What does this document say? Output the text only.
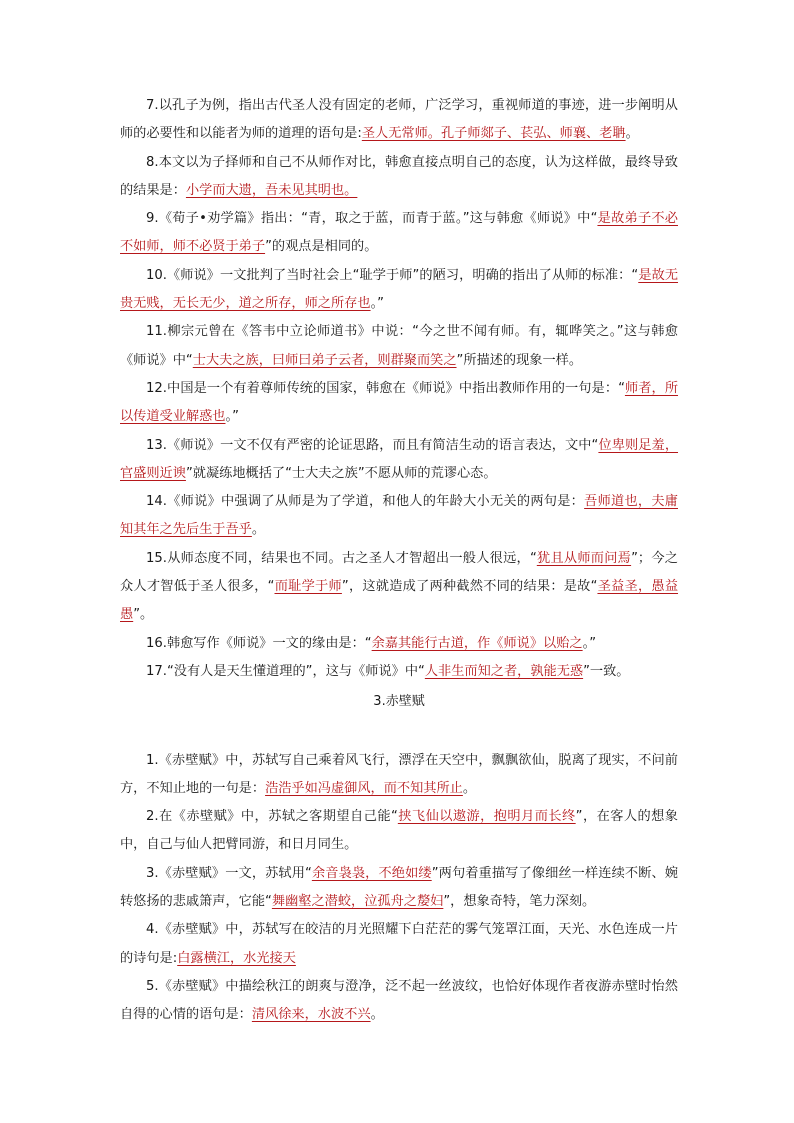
7.以孔子为例，指出古代圣人没有固定的老师，广泛学习，重视师道的事迹，进一步阐明从师的必要性和以能者为师的道理的语句是:圣人无常师。孔子师郯子、苌弘、师襄、老聃。

8.本文以为子择师和自己不从师作对比，韩愈直接点明自己的态度，认为这样做，最终导致的结果是：小学而大遗，吾未见其明也。

9.《荀子•劝学篇》指出：“青，取之于蓝，而青于蓝。”这与韩愈《师说》中“是故弟子不必不如师，师不必贤于弟子”的观点是相同的。

10.《师说》一文批判了当时社会上“耻学于师”的陋习，明确的指出了从师的标准：“是故无贵无贱，无长无少，道之所存，师之所存也。”

11.柳宗元曾在《答韦中立论师道书》中说：“今之世不闻有师。有，辄哗笑之。”这与韩愈《师说》中“士大夫之族，曰师曰弟子云者，则群聚而笑之”所描述的现象一样。

12.中国是一个有着尊师传统的国家，韩愈在《师说》中指出教师作用的一句是：“师者，所以传道受业解惑也。”

13.《师说》一文不仅有严密的论证思路，而且有简洁生动的语言表达，文中“位卑则足羞，官盛则近谀”就凝练地概括了“士大夫之族”不愿从师的荒谬心态。

14.《师说》中强调了从师是为了学道，和他人的年龄大小无关的两句是：吾师道也，夫庸知其年之先后生于吾乎。

15.从师态度不同，结果也不同。古之圣人才智超出一般人很远，“犹且从师而问焉”；今之众人才智低于圣人很多，“而耻学于师”，这就造成了两种截然不同的结果：是故“圣益圣，愚益愚”。

16.韩愈写作《师说》一文的缘由是：“余嘉其能行古道，作《师说》以贻之。”

17.“没有人是天生懂道理的”，这与《师说》中“人非生而知之者，孰能无惑”一致。

3.赤壁赋

1.《赤壁赋》中，苏轼写自己乘着风飞行，漂浮在天空中，飘飘欲仙，脱离了现实，不问前方，不知止地的一句是：浩浩乎如冯虚御风，而不知其所止。

2.在《赤壁赋》中，苏轼之客期望自己能“挟飞仙以遨游，抱明月而长终”，在客人的想象中，自己与仙人把臂同游，和日月同生。

3.《赤壁赋》一文，苏轼用“余音袅袅，不绝如缕”两句着重描写了像细丝一样连续不断、婉转悠扬的悲戚箫声，它能“舞幽壑之潜蛟，泣孤舟之嫠妇”，想象奇特，笔力深刻。

4.《赤壁赋》中，苏轼写在皎洁的月光照耀下白茫茫的雾气笼罩江面，天光、水色连成一片的诗句是:白露横江，水光接天

5.《赤壁赋》中描绘秋江的朗爽与澄净，泛不起一丝波纹，也恰好体现作者夜游赤壁时怡然自得的心情的语句是：清风徐来，水波不兴。
